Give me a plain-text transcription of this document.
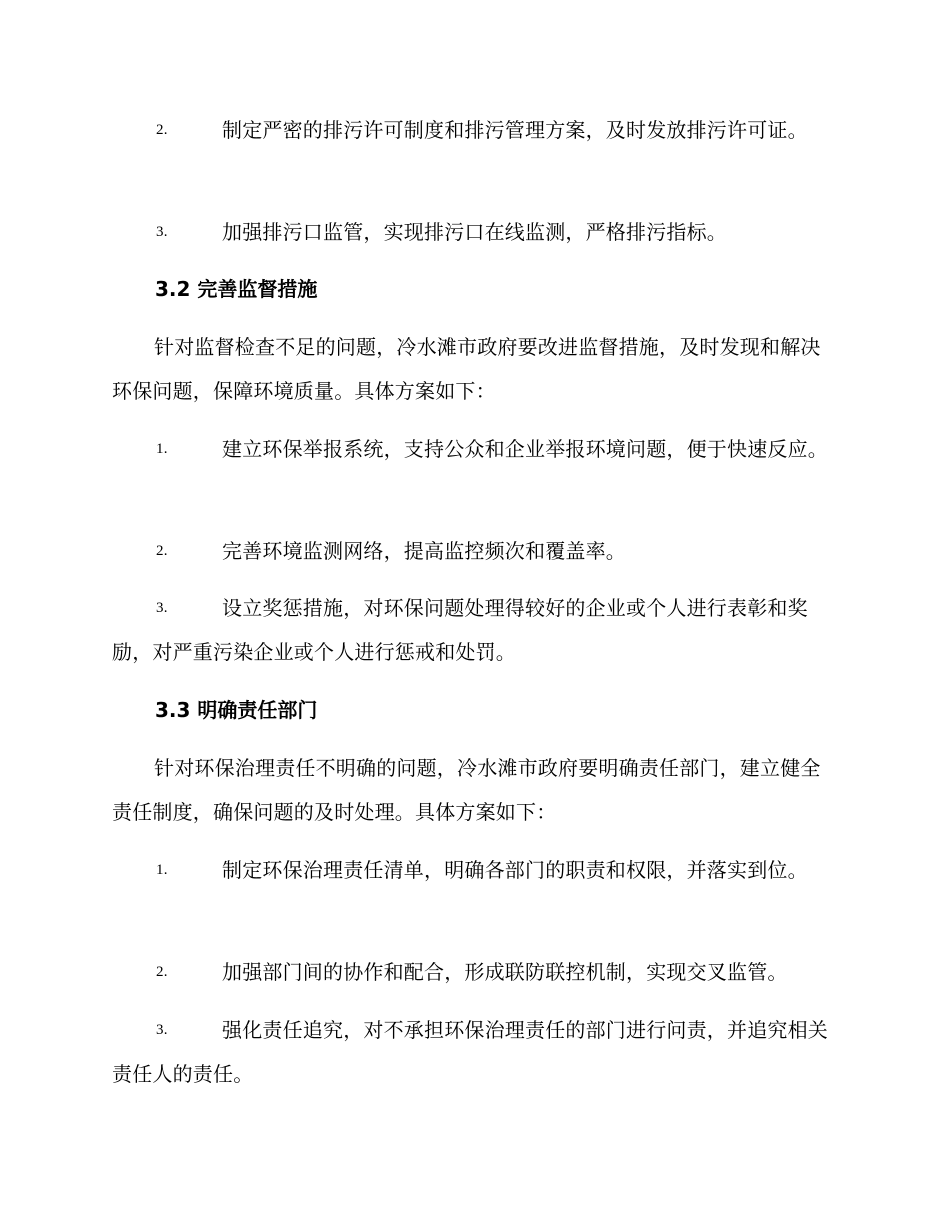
2.	制定严密的排污许可制度和排污管理方案，及时发放排污许可证。
3.	加强排污口监管，实现排污口在线监测，严格排污指标。
3.2 完善监督措施
针对监督检查不足的问题，冷水滩市政府要改进监督措施，及时发现和解决环保问题，保障环境质量。具体方案如下：
1.	建立环保举报系统，支持公众和企业举报环境问题，便于快速反应。
2.	完善环境监测网络，提高监控频次和覆盖率。
3.	设立奖惩措施，对环保问题处理得较好的企业或个人进行表彰和奖励，对严重污染企业或个人进行惩戒和处罚。
3.3 明确责任部门
针对环保治理责任不明确的问题，冷水滩市政府要明确责任部门，建立健全责任制度，确保问题的及时处理。具体方案如下：
1.	制定环保治理责任清单，明确各部门的职责和权限，并落实到位。
2.	加强部门间的协作和配合，形成联防联控机制，实现交叉监管。
3.	强化责任追究，对不承担环保治理责任的部门进行问责，并追究相关责任人的责任。
